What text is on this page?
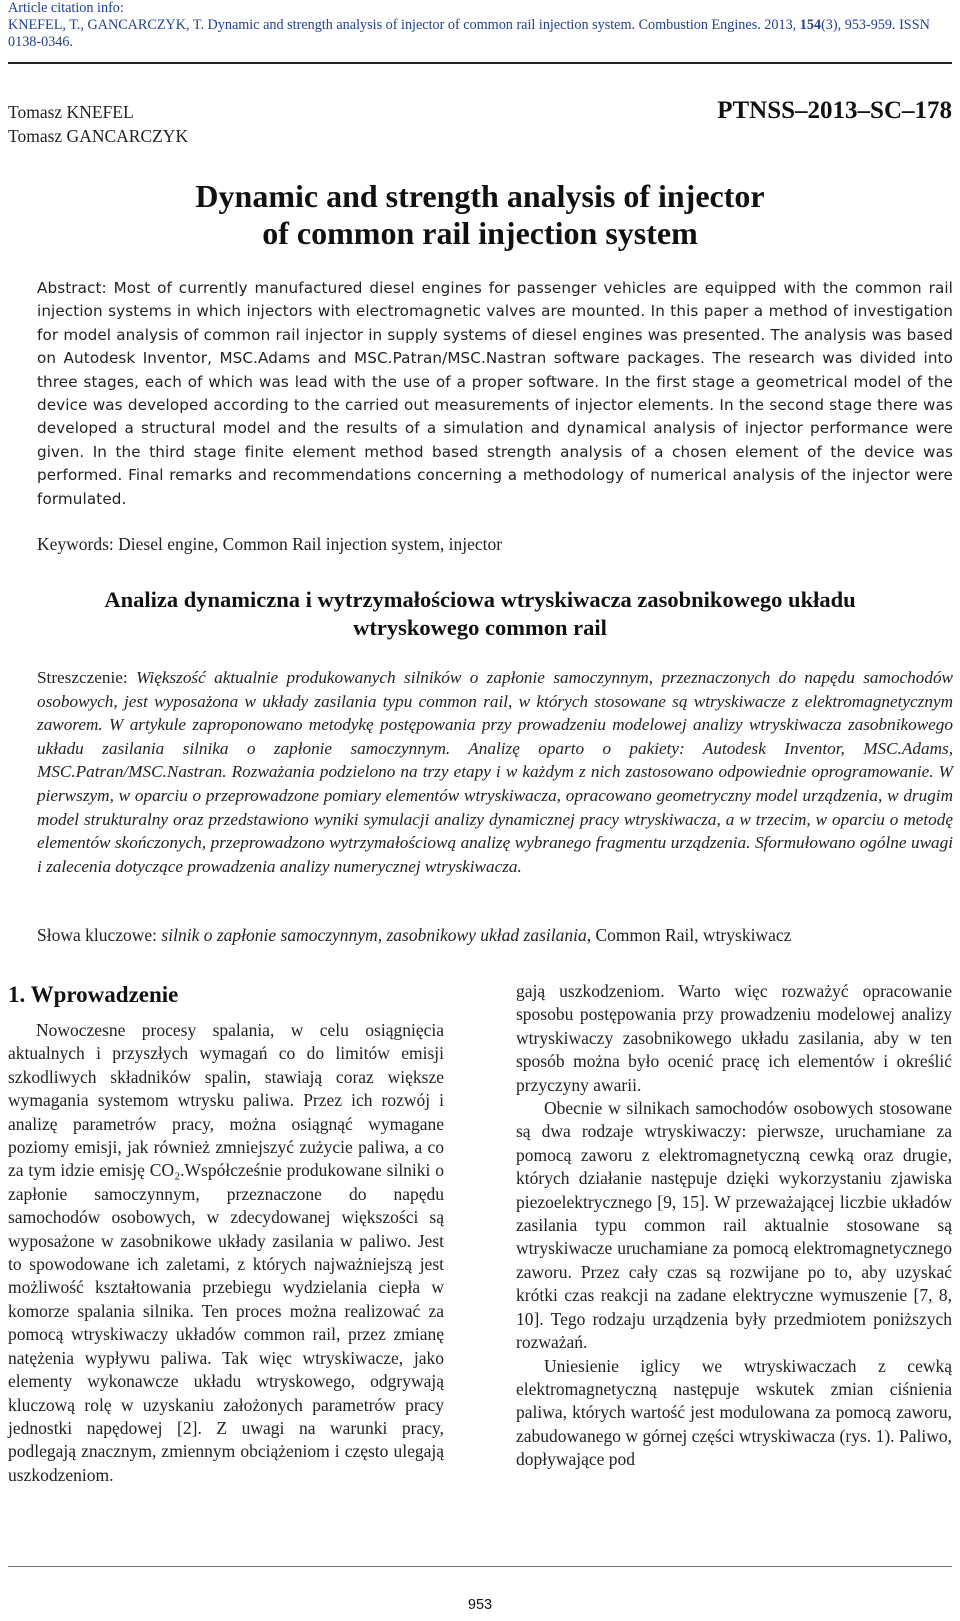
Article citation info:
KNEFEL, T., GANCARCZYK, T. Dynamic and strength analysis of injector of common rail injection system. Combustion Engines. 2013, 154(3), 953-959. ISSN 0138-0346.
Tomasz KNEFEL
Tomasz GANCARCZYK
PTNSS–2013–SC–178
Dynamic and strength analysis of injector
of common rail injection system
Abstract: Most of currently manufactured diesel engines for passenger vehicles are equipped with the common rail injection systems in which injectors with electromagnetic valves are mounted. In this paper a method of investigation for model analysis of common rail injector in supply systems of diesel engines was presented. The analysis was based on Autodesk Inventor, MSC.Adams and MSC.Patran/MSC.Nastran software packages. The research was divided into three stages, each of which was lead with the use of a proper software. In the first stage a geometrical model of the device was developed according to the carried out measurements of injector elements. In the second stage there was developed a structural model and the results of a simulation and dynamical analysis of injector performance were given. In the third stage finite element method based strength analysis of a chosen element of the device was performed. Final remarks and recommendations concerning a methodology of numerical analysis of the injector were formulated.
Keywords: Diesel engine, Common Rail injection system, injector
Analiza dynamiczna i wytrzymałościowa wtryskiwacza zasobnikowego układu
wtryskowego common rail
Streszczenie: Większość aktualnie produkowanych silników o zapłonie samoczynnym, przeznaczonych do napędu samochodów osobowych, jest wyposażona w układy zasilania typu common rail, w których stosowane są wtryskiwacze z elektromagnetycznym zaworem. W artykule zaproponowano metodykę postępowania przy prowadzeniu modelowej analizy wtryskiwacza zasobnikowego układu zasilania silnika o zapłonie samoczynnym. Analizę oparto o pakiety: Autodesk Inventor, MSC.Adams, MSC.Patran/MSC.Nastran. Rozważania podzielono na trzy etapy i w każdym z nich zastosowano odpowiednie oprogramowanie. W pierwszym, w oparciu o przeprowadzone pomiary elementów wtryskiwacza, opracowano geometryczny model urządzenia, w drugim model strukturalny oraz przedstawiono wyniki symulacji analizy dynamicznej pracy wtryskiwacza, a w trzecim, w oparciu o metodę elementów skończonych, przeprowadzono wytrzymałościową analizę wybranego fragmentu urządzenia. Sformułowano ogólne uwagi i zalecenia dotyczące prowadzenia analizy numerycznej wtryskiwacza.
Słowa kluczowe: silnik o zapłonie samoczynnym, zasobnikowy układ zasilania, Common Rail, wtryskiwacz
1. Wprowadzenie

Nowoczesne procesy spalania, w celu osiągnięcia aktualnych i przyszłych wymagań co do limitów emisji szkodliwych składników spalin, stawiają coraz większe wymagania systemom wtrysku paliwa. Przez ich rozwój i analizę parametrów pracy, można osiągnąć wymagane poziomy emisji, jak również zmniejszyć zużycie paliwa, a co za tym idzie emisję CO₂.Współcześnie produkowane silniki o zapłonie samoczynnym, przeznaczone do napędu samochodów osobowych, w zdecydowanej większości są wyposażone w zasobnikowe układy zasilania w paliwo. Jest to spowodowane ich zaletami, z których najważniejszą jest możliwość kształtowania przebiegu wydzielania ciepła w komorze spalania silnika. Ten proces można realizować za pomocą wtryskiwaczy układów common rail, przez zmianę natężenia wypływu paliwa. Tak więc wtryskiwacze, jako elementy wykonawcze układu wtryskowego, odgrywają kluczową rolę w uzyskaniu założonych parametrów pracy jednostki napędowej [2]. Z uwagi na warunki pracy, podlegają znacznym, zmiennym obciążeniom i często ulegają uszkodzeniom.

gają uszkodzeniom. Warto więc rozważyć opracowanie sposobu postępowania przy prowadzeniu modelowej analizy wtryskiwaczy zasobnikowego układu zasilania, aby w ten sposób można było ocenić pracę ich elementów i określić przyczyny awarii.

Obecnie w silnikach samochodów osobowych stosowane są dwa rodzaje wtryskiwaczy: pierwsze, uruchamiane za pomocą zaworu z elektromagnetyczną cewką oraz drugie, których działanie następuje dzięki wykorzystaniu zjawiska piezoelektrycznego [9, 15]. W przeważającej liczbie układów zasilania typu common rail aktualnie stosowane są wtryskiwacze uruchamiane za pomocą elektromagnetycznego zaworu. Przez cały czas są rozwijane po to, aby uzyskać krótki czas reakcji na zadane elektryczne wymuszenie [7, 8, 10]. Tego rodzaju urządzenia były przedmiotem poniższych rozważań.

Uniesienie iglicy we wtryskiwaczach z cewką elektromagnetyczną następuje wskutek zmian ciśnienia paliwa, których wartość jest modulowana za pomocą zaworu, zabudowanego w górnej części wtryskiwacza (rys. 1). Paliwo, dopływające pod

953
